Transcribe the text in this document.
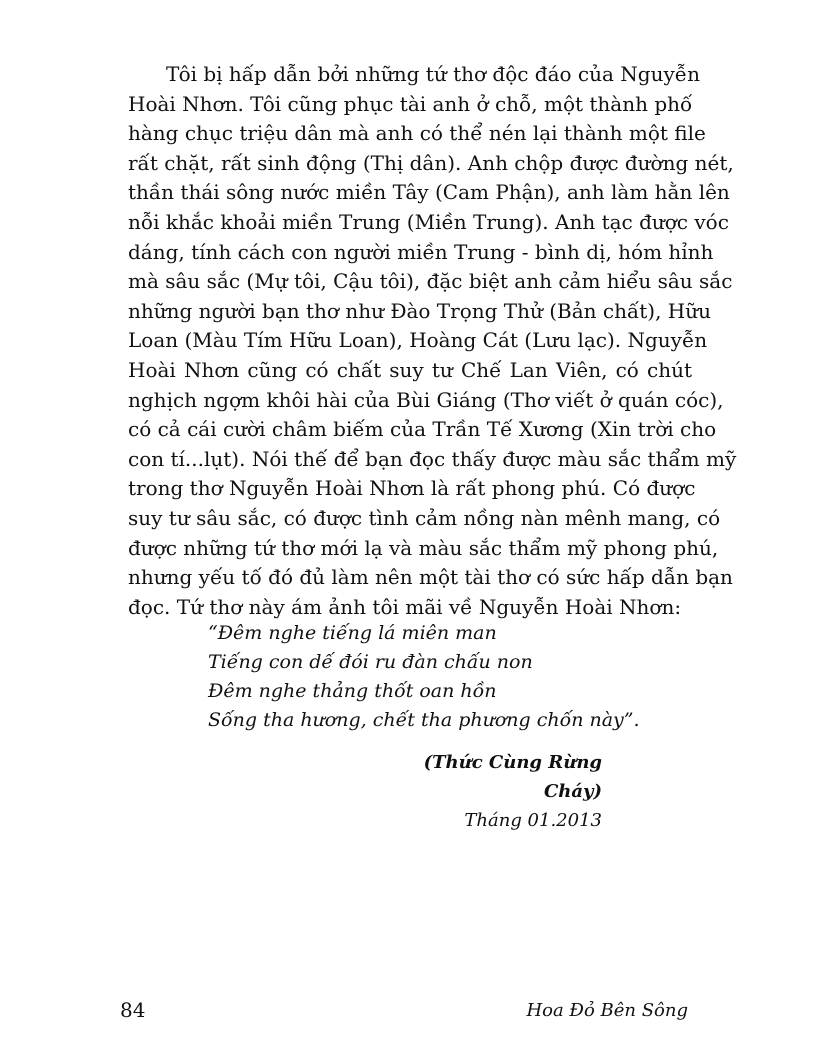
Tôi bị hấp dẫn bởi những tứ thơ độc đáo của Nguyễn
Hoài Nhơn. Tôi cũng phục tài anh ở chỗ, một thành phố
hàng chục triệu dân mà anh có thể nén lại thành một file
rất chặt, rất sinh động (Thị dân). Anh chộp được đường nét,
thần thái sông nước miền Tây (Cam Phận), anh làm hằn lên
nỗi khắc khoải miền Trung (Miền Trung). Anh tạc được vóc
dáng, tính cách con người miền Trung - bình dị, hóm hỉnh
mà sâu sắc (Mự tôi, Cậu tôi), đặc biệt anh cảm hiểu sâu sắc
những người bạn thơ như Đào Trọng Thử (Bản chất), Hữu
Loan (Màu Tím Hữu Loan), Hoàng Cát (Lưu lạc). Nguyễn
Hoài Nhơn cũng có chất suy tư Chế Lan Viên, có chút
nghịch ngợm khôi hài của Bùi Giáng (Thơ viết ở quán cóc),
có cả cái cười châm biếm của Trần Tế Xương (Xin trời cho
con tí...lụt). Nói thế để bạn đọc thấy được màu sắc thẩm mỹ
trong thơ Nguyễn Hoài Nhơn là rất phong phú. Có được
suy tư sâu sắc, có được tình cảm nồng nàn mênh mang, có
được những tứ thơ mới lạ và màu sắc thẩm mỹ phong phú,
nhưng yếu tố đó đủ làm nên một tài thơ có sức hấp dẫn bạn
đọc. Tứ thơ này ám ảnh tôi mãi về Nguyễn Hoài Nhơn:
“Đêm nghe tiếng lá miên man
Tiếng con dế đói ru đàn chấu non
Đêm nghe thảng thốt oan hồn
Sống tha hương, chết tha phương chốn này”.
(Thức Cùng Rừng Cháy)
Tháng 01.2013
84	Hoa Đỏ Bên Sông
